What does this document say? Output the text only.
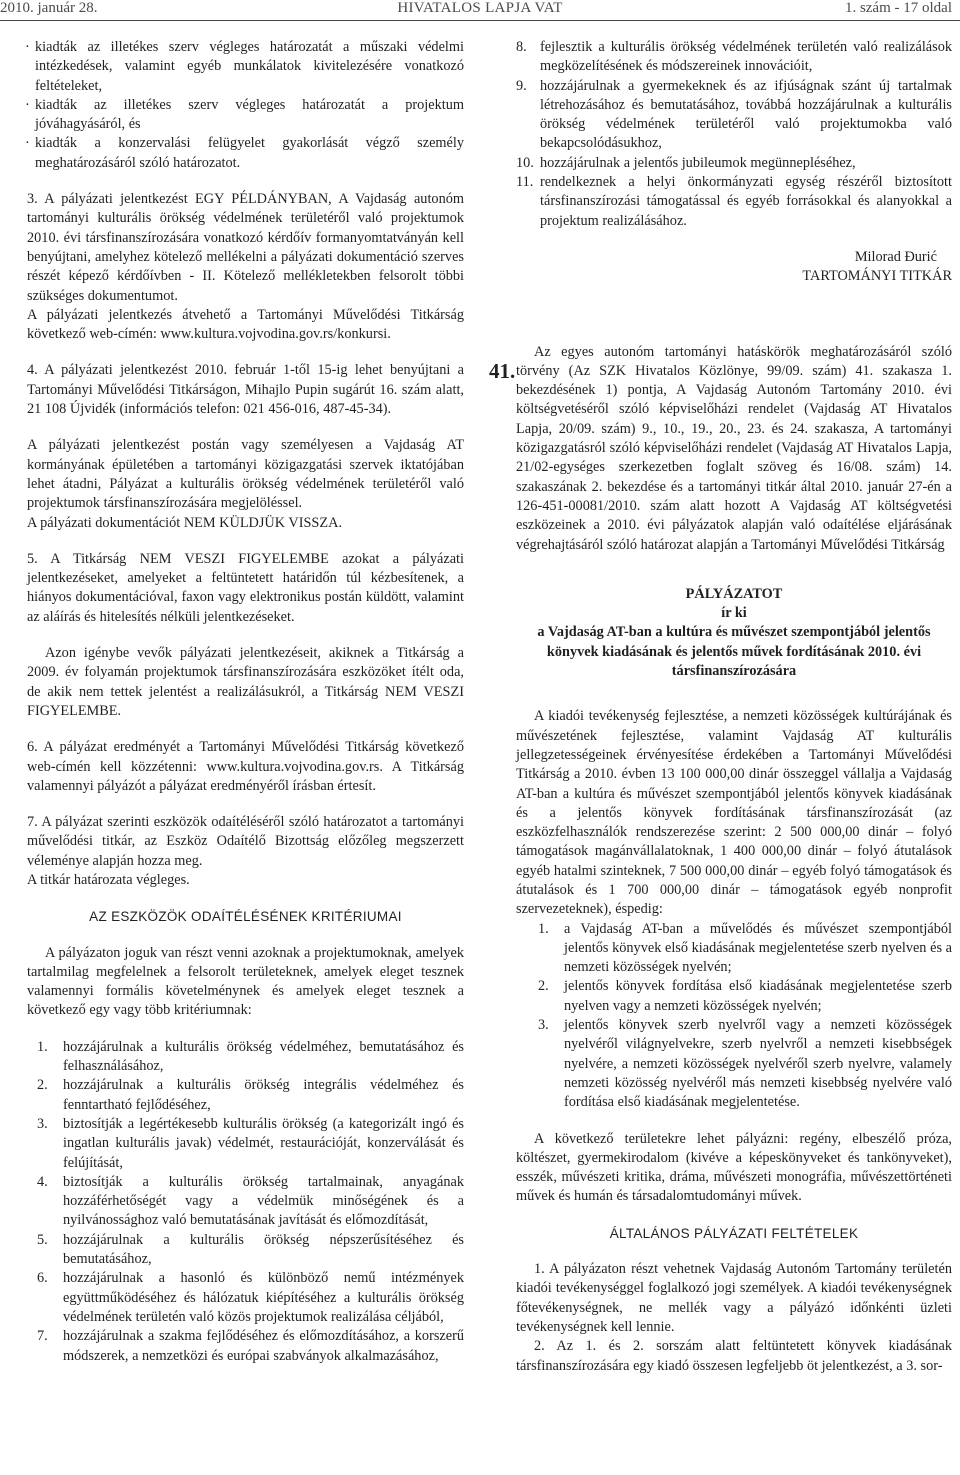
2010. január 28.	HIVATALOS LAPJA VAT	1. szám - 17 oldal
· kiadták az illetékes szerv végleges határozatát a műszaki védelmi intézkedések, valamint egyéb munkálatok kivitelezésére vonatkozó feltételeket,
· kiadták az illetékes szerv végleges határozatát a projektum jóváhagyásáról, és
· kiadták a konzervalási felügyelet gyakorlását végző személy meghatározásáról szóló határozatot.

3. A pályázati jelentkezést EGY PÉLDÁNYBAN, A Vajdaság autonóm tartományi kulturális örökség védelmének területéről való projektumok 2010. évi társfinanszírozására vonatkozó kérdőív formanyomtatványán kell benyújtani, amelyhez kötelező mellékelni a pályázati dokumentáció szerves részét képező kérdőívben - II. Kötelező mellékletekben felsorolt többi szükséges dokumentumot.

A pályázati jelentkezés átvehető a Tartományi Művelődési Titkárság következő web-címén: www.kultura.vojvodina.gov.rs/konkursi.

4. A pályázati jelentkezést 2010. február 1-től 15-ig lehet benyújtani a Tartományi Művelődési Titkárságon, Mihajlo Pupin sugárút 16. szám alatt, 21 108 Újvidék (információs telefon: 021 456-016, 487-45-34).

A pályázati jelentkezést postán vagy személyesen a Vajdaság AT kormányának épületében a tartományi közigazgatási szervek iktatójában lehet átadni, Pályázat a kulturális örökség védelmének területéről való projektumok társfinanszírozására megjelöléssel.

A pályázati dokumentációt NEM KÜLDJÜK VISSZA.

5. A Titkárság NEM VESZI FIGYELEMBE azokat a pályázati jelentkezéseket, amelyeket a feltüntetett határidőn túl kézbesítenek, a hiányos dokumentációval, faxon vagy elektronikus postán küldött, valamint az aláírás és hitelesítés nélküli jelentkezéseket.

Azon igénybe vevők pályázati jelentkezéseit, akiknek a Titkárság a 2009. év folyamán projektumok társfinanszírozására eszközöket ítélt oda, de akik nem tettek jelentést a realizálásukról, a Titkárság NEM VESZI FIGYELEMBE.

6. A pályázat eredményét a Tartományi Művelődési Titkárság következő web-címén kell közzétenni: www.kultura.vojvodina.gov.rs. A Titkárság valamennyi pályázót a pályázat eredményéről írásban értesít.

7. A pályázat szerinti eszközök odaítéléséről szóló határozatot a tartományi művelődési titkár, az Eszköz Odaítélő Bizottság előzőleg megszerzett véleménye alapján hozza meg.

A titkár határozata végleges.

AZ ESZKÖZÖK ODAÍTÉLÉSÉNEK KRITÉRIUMAI

A pályázaton joguk van részt venni azoknak a projektumoknak, amelyek tartalmilag megfelelnek a felsorolt területeknek, amelyek eleget tesznek valamennyi formális követelménynek és amelyek eleget tesznek a következő egy vagy több kritériumnak:

1. hozzájárulnak a kulturális örökség védelméhez, bemutatásához és felhasználásához,
2. hozzájárulnak a kulturális örökség integrális védelméhez és fenntartható fejlődéséhez,
3. biztosítják a legértékesebb kulturális örökség (a kategorizált ingó és ingatlan kulturális javak) védelmét, restaurációját, konzerválását és felújítását,
4. biztosítják a kulturális örökség tartalmainak, anyagának hozzáférhetőségét vagy a védelmük minőségének és a nyilvánossághoz való bemutatásának javítását és előmozdítását,
5. hozzájárulnak a kulturális örökség népszerűsítéséhez és bemutatásához,
6. hozzájárulnak a hasonló és különböző nemű intézmények együttműködéséhez és hálózatuk kiépítéséhez a kulturális örökség védelmének területén való közös projektumok realizálása céljából,
7. hozzájárulnak a szakma fejlődéséhez és előmozdításához, a korszerű módszerek, a nemzetközi és európai szabványok alkalmazásához,
41.
8. fejlesztik a kulturális örökség védelmének területén való realizálások megközelítésének és módszereinek innovációit,
9. hozzájárulnak a gyermekeknek és az ifjúságnak szánt új tartalmak létrehozásához és bemutatásához, továbbá hozzájárulnak a kulturális örökség védelmének területéről való projektumokba való bekapcsolódásukhoz,
10. hozzájárulnak a jelentős jubileumok megünnepléséhez,
11. rendelkeznek a helyi önkormányzati egység részéről biztosított társfinanszírozási támogatással és egyéb forrásokkal és alanyokkal a projektum realizálásához.

Milorad Đurić

TARTOMÁNYI TITKÁR

Az egyes autonóm tartományi hatáskörök meghatározásáról szóló törvény (Az SZK Hivatalos Közlönye, 99/09. szám) 41. szakasza 1. bekezdésének 1) pontja, A Vajdaság Autonóm Tartomány 2010. évi költségvetéséről szóló képviselőházi rendelet (Vajdaság AT Hivatalos Lapja, 20/09. szám) 9., 10., 19., 20., 23. és 24. szakasza, A tartományi közigazgatásról szóló képviselőházi rendelet (Vajdaság AT Hivatalos Lapja, 21/02-egységes szerkezetben foglalt szöveg és 16/08. szám) 14. szakaszának 2. bekezdése és a tartományi titkár által 2010. január 27-én a 126-451-00081/2010. szám alatt hozott A Vajdaság AT költségvetési eszközeinek a 2010. évi pályázatok alapján való odaítélése eljárásának végrehajtásáról szóló határozat alapján a Tartományi Művelődési Titkárság

PÁLYÁZATOT

ír ki

a Vajdaság AT-ban a kultúra és művészet szempontjából jelentős könyvek kiadásának és jelentős művek fordításának 2010. évi társfinanszírozására

A kiadói tevékenység fejlesztése, a nemzeti közösségek kultúrájának és művészetének fejlesztése, valamint Vajdaság AT kulturális jellegzetességeinek érvényesítése érdekében a Tartományi Művelődési Titkárság a 2010. évben 13 100 000,00 dinár összeggel vállalja a Vajdaság AT-ban a kultúra és művészet szempontjából jelentős könyvek kiadásának és a jelentős könyvek fordításának társfinanszírozását (az eszközfelhasználók rendszerezése szerint: 2 500 000,00 dinár – folyó támogatások magánvállalatoknak, 1 400 000,00 dinár – folyó átutalások egyéb hatalmi szinteknek, 7 500 000,00 dinár – egyéb folyó támogatások és átutalások és 1 700 000,00 dinár – támogatások egyéb nonprofit szervezeteknek), éspedig:

1. a Vajdaság AT-ban a művelődés és művészet szempontjából jelentős könyvek első kiadásának megjelentetése szerb nyelven és a nemzeti közösségek nyelvén;
2. jelentős könyvek fordítása első kiadásának megjelentetése szerb nyelven vagy a nemzeti közösségek nyelvén;
3. jelentős könyvek szerb nyelvről vagy a nemzeti közösségek nyelvéről világnyelvekre, szerb nyelvről a nemzeti kisebbségek nyelvére, a nemzeti közösségek nyelvéről szerb nyelvre, valamely nemzeti közösség nyelvéről más nemzeti kisebbség nyelvére való fordítása első kiadásának megjelentetése.

A következő területekre lehet pályázni: regény, elbeszélő próza, költészet, gyermekirodalom (kivéve a képeskönyveket és tankönyveket), esszék, művészeti kritika, dráma, művészeti monográfia, művészettörténeti művek és humán és társadalomtudományi művek.

ÁLTALÁNOS PÁLYÁZATI FELTÉTELEK

1. A pályázaton részt vehetnek Vajdaság Autonóm Tartomány területén kiadói tevékenységgel foglalkozó jogi személyek. A kiadói tevékenységnek főtevékenységnek, ne mellék vagy a pályázó időnkénti üzleti tevékenységnek kell lennie.

2. Az 1. és 2. sorszám alatt feltüntetett könyvek kiadásának társfinanszírozására egy kiadó összesen legfeljebb öt jelentkezést, a 3. sor-
